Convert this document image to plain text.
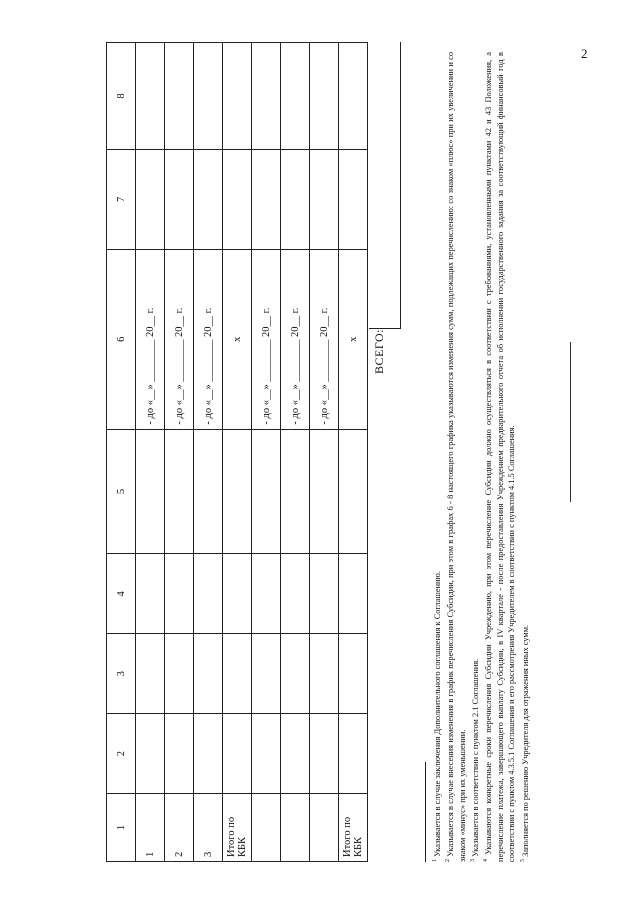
2
1	2	3	4	5	6	7	8
1					- до «__» ________ 20__ г.		
2					- до «__» ________ 20__ г.		
3					- до «__» ________ 20__ г.		
Итого по КБК					x		
					- до «__» ________ 20__ г.		
					- до «__» ________ 20__ г.		
					- до «__» ________ 20__ г.		
Итого по КБК					x		ВСЕГО:

$^1$ Указывается в случае заключения Дополнительного соглашения к Соглашению.

$^2$ Указывается в случае внесения изменения в график перечисления Субсидии, при этом в графах 6 - 8 настоящего графика указываются изменения сумм, подлежащих перечислению: со знаком «плюс» при их увеличении и со знаком «минус» при их уменьшении. $^3$ Указывается в соответствии с пунктом 2.1 Соглашения.

$^4$ Указываются конкретные сроки перечисления Субсидии Учреждению, при этом перечисление Субсидии должно осуществляться в соответствии с требованиями, установленными пунктами 42 и 43 Положения, а перечисление платежа, завершающего выплату Субсидии, в IV квартале - после предоставления Учреждением предварительного отчета об исполнении государственного задания за соответствующий финансовый год в соответствии с пунктом 4.3.5.1 Соглашения и его рассмотрения Учредителем в соответствии с пунктом 4.1.5 Соглашения. $^5$ Заполняется по решению Учредителя для отражения иных сумм.
